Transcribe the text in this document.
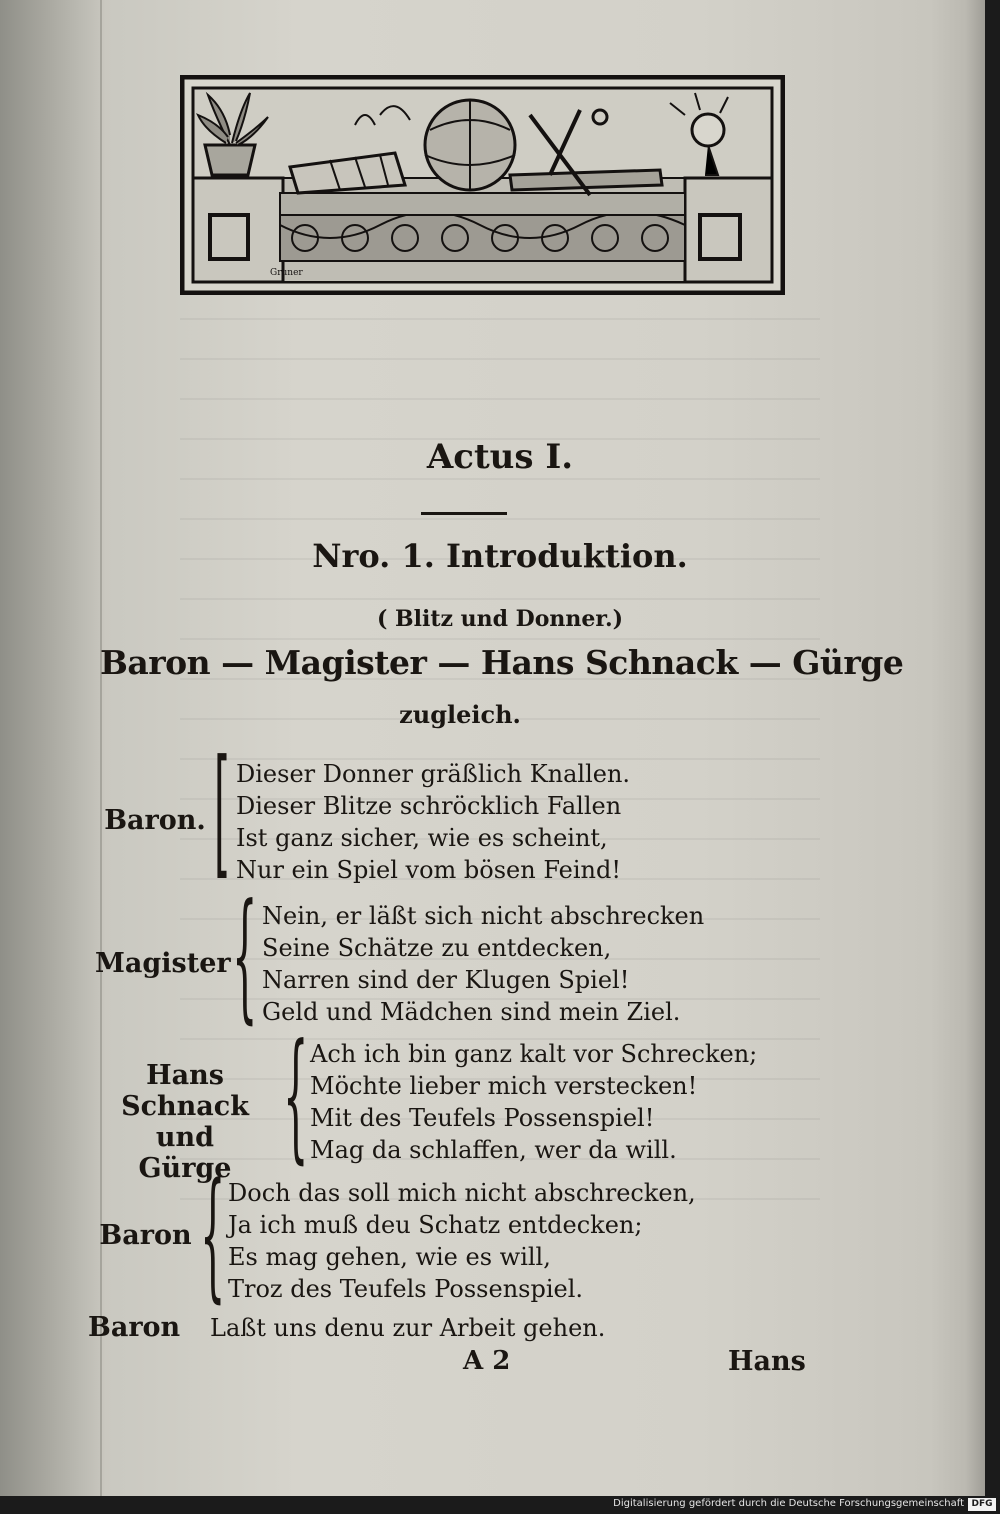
Gruner
Actus I.
Nro. 1. Introduktion.
( Blitz und Donner.)
Baron — Magister — Hans Schnack — Gürge
zugleich.
Baron. [ Dieser Donner gräßlich Knallen.
Dieser Blitze schröcklich Fallen
Ist ganz sicher, wie es scheint,
Nur ein Spiel vom bösen Feind!
Magister { Nein, er läßt sich nicht abschrecken
Seine Schätze zu entdecken,
Narren sind der Klugen Spiel!
Geld und Mädchen sind mein Ziel.
Hans Schnack
und
Gürge	{ Ach ich bin ganz kalt vor Schrecken;
Möchte lieber mich verstecken!
Mit des Teufels Possenspiel!
Mag da schlaffen, wer da will.
Baron { Doch das soll mich nicht abschrecken,
Ja ich muß deu Schatz entdecken;
Es mag gehen, wie es will,
Troz des Teufels Possenspiel.
Baron	Laßt uns denu zur Arbeit gehen.
A 2	Hans
Digitalisierung gefördert durch die Deutsche Forschungsgemeinschaft DFG
